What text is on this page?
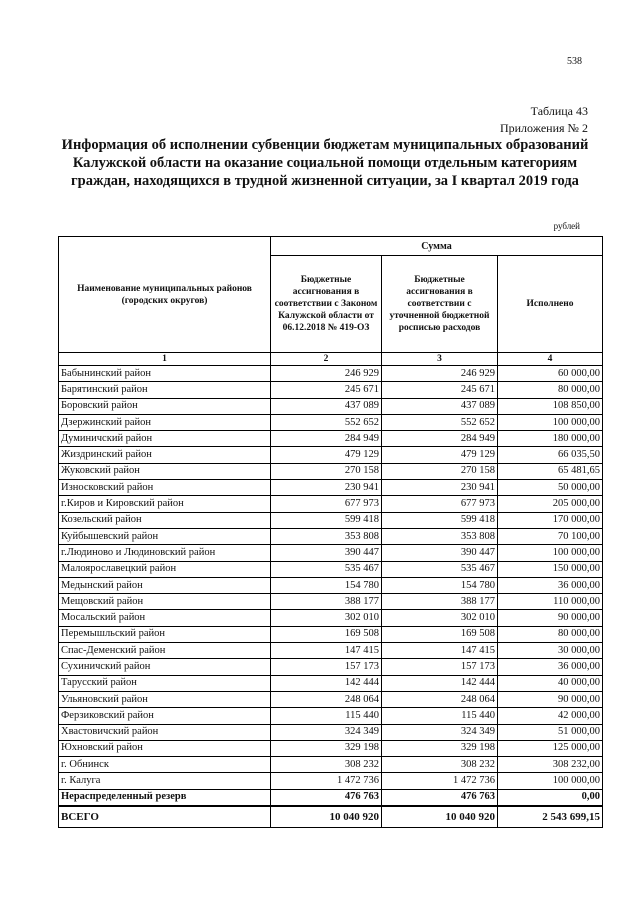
538
Таблица 43
Приложения № 2
Информация об исполнении субвенции бюджетам муниципальных образований Калужской области на оказание социальной помощи отдельным категориям граждан, находящихся в трудной жизненной ситуации, за I квартал 2019 года
рублей
Наименование муниципальных районов (городских округов)	Сумма		
	Бюджетные ассигнования в соответствии с Законом Калужской области от 06.12.2018 № 419-ОЗ	Бюджетные ассигнования в соответствии с уточненной бюджетной росписью расходов	Исполнено
1	2	3	4
Бабынинский район	246 929	246 929	60 000,00
Барятинский район	245 671	245 671	80 000,00
Боровский район	437 089	437 089	108 850,00
Дзержинский район	552 652	552 652	100 000,00
Думиничский район	284 949	284 949	180 000,00
Жиздринский район	479 129	479 129	66 035,50
Жуковский район	270 158	270 158	65 481,65
Износковский район	230 941	230 941	50 000,00
г.Киров и Кировский район	677 973	677 973	205 000,00
Козельский район	599 418	599 418	170 000,00
Куйбышевский район	353 808	353 808	70 100,00
г.Людиново и Людиновский район	390 447	390 447	100 000,00
Малоярославецкий район	535 467	535 467	150 000,00
Медынский район	154 780	154 780	36 000,00
Мещовский район	388 177	388 177	110 000,00
Мосальский район	302 010	302 010	90 000,00
Перемышльский район	169 508	169 508	80 000,00
Спас-Деменский район	147 415	147 415	30 000,00
Сухиничский район	157 173	157 173	36 000,00
Тарусский район	142 444	142 444	40 000,00
Ульяновский район	248 064	248 064	90 000,00
Ферзиковский район	115 440	115 440	42 000,00
Хвастовичский район	324 349	324 349	51 000,00
Юхновский район	329 198	329 198	125 000,00
г. Обнинск	308 232	308 232	308 232,00
г. Калуга	1 472 736	1 472 736	100 000,00
Нераспределенный резерв	476 763	476 763	0,00
ВСЕГО	10 040 920	10 040 920	2 543 699,15
